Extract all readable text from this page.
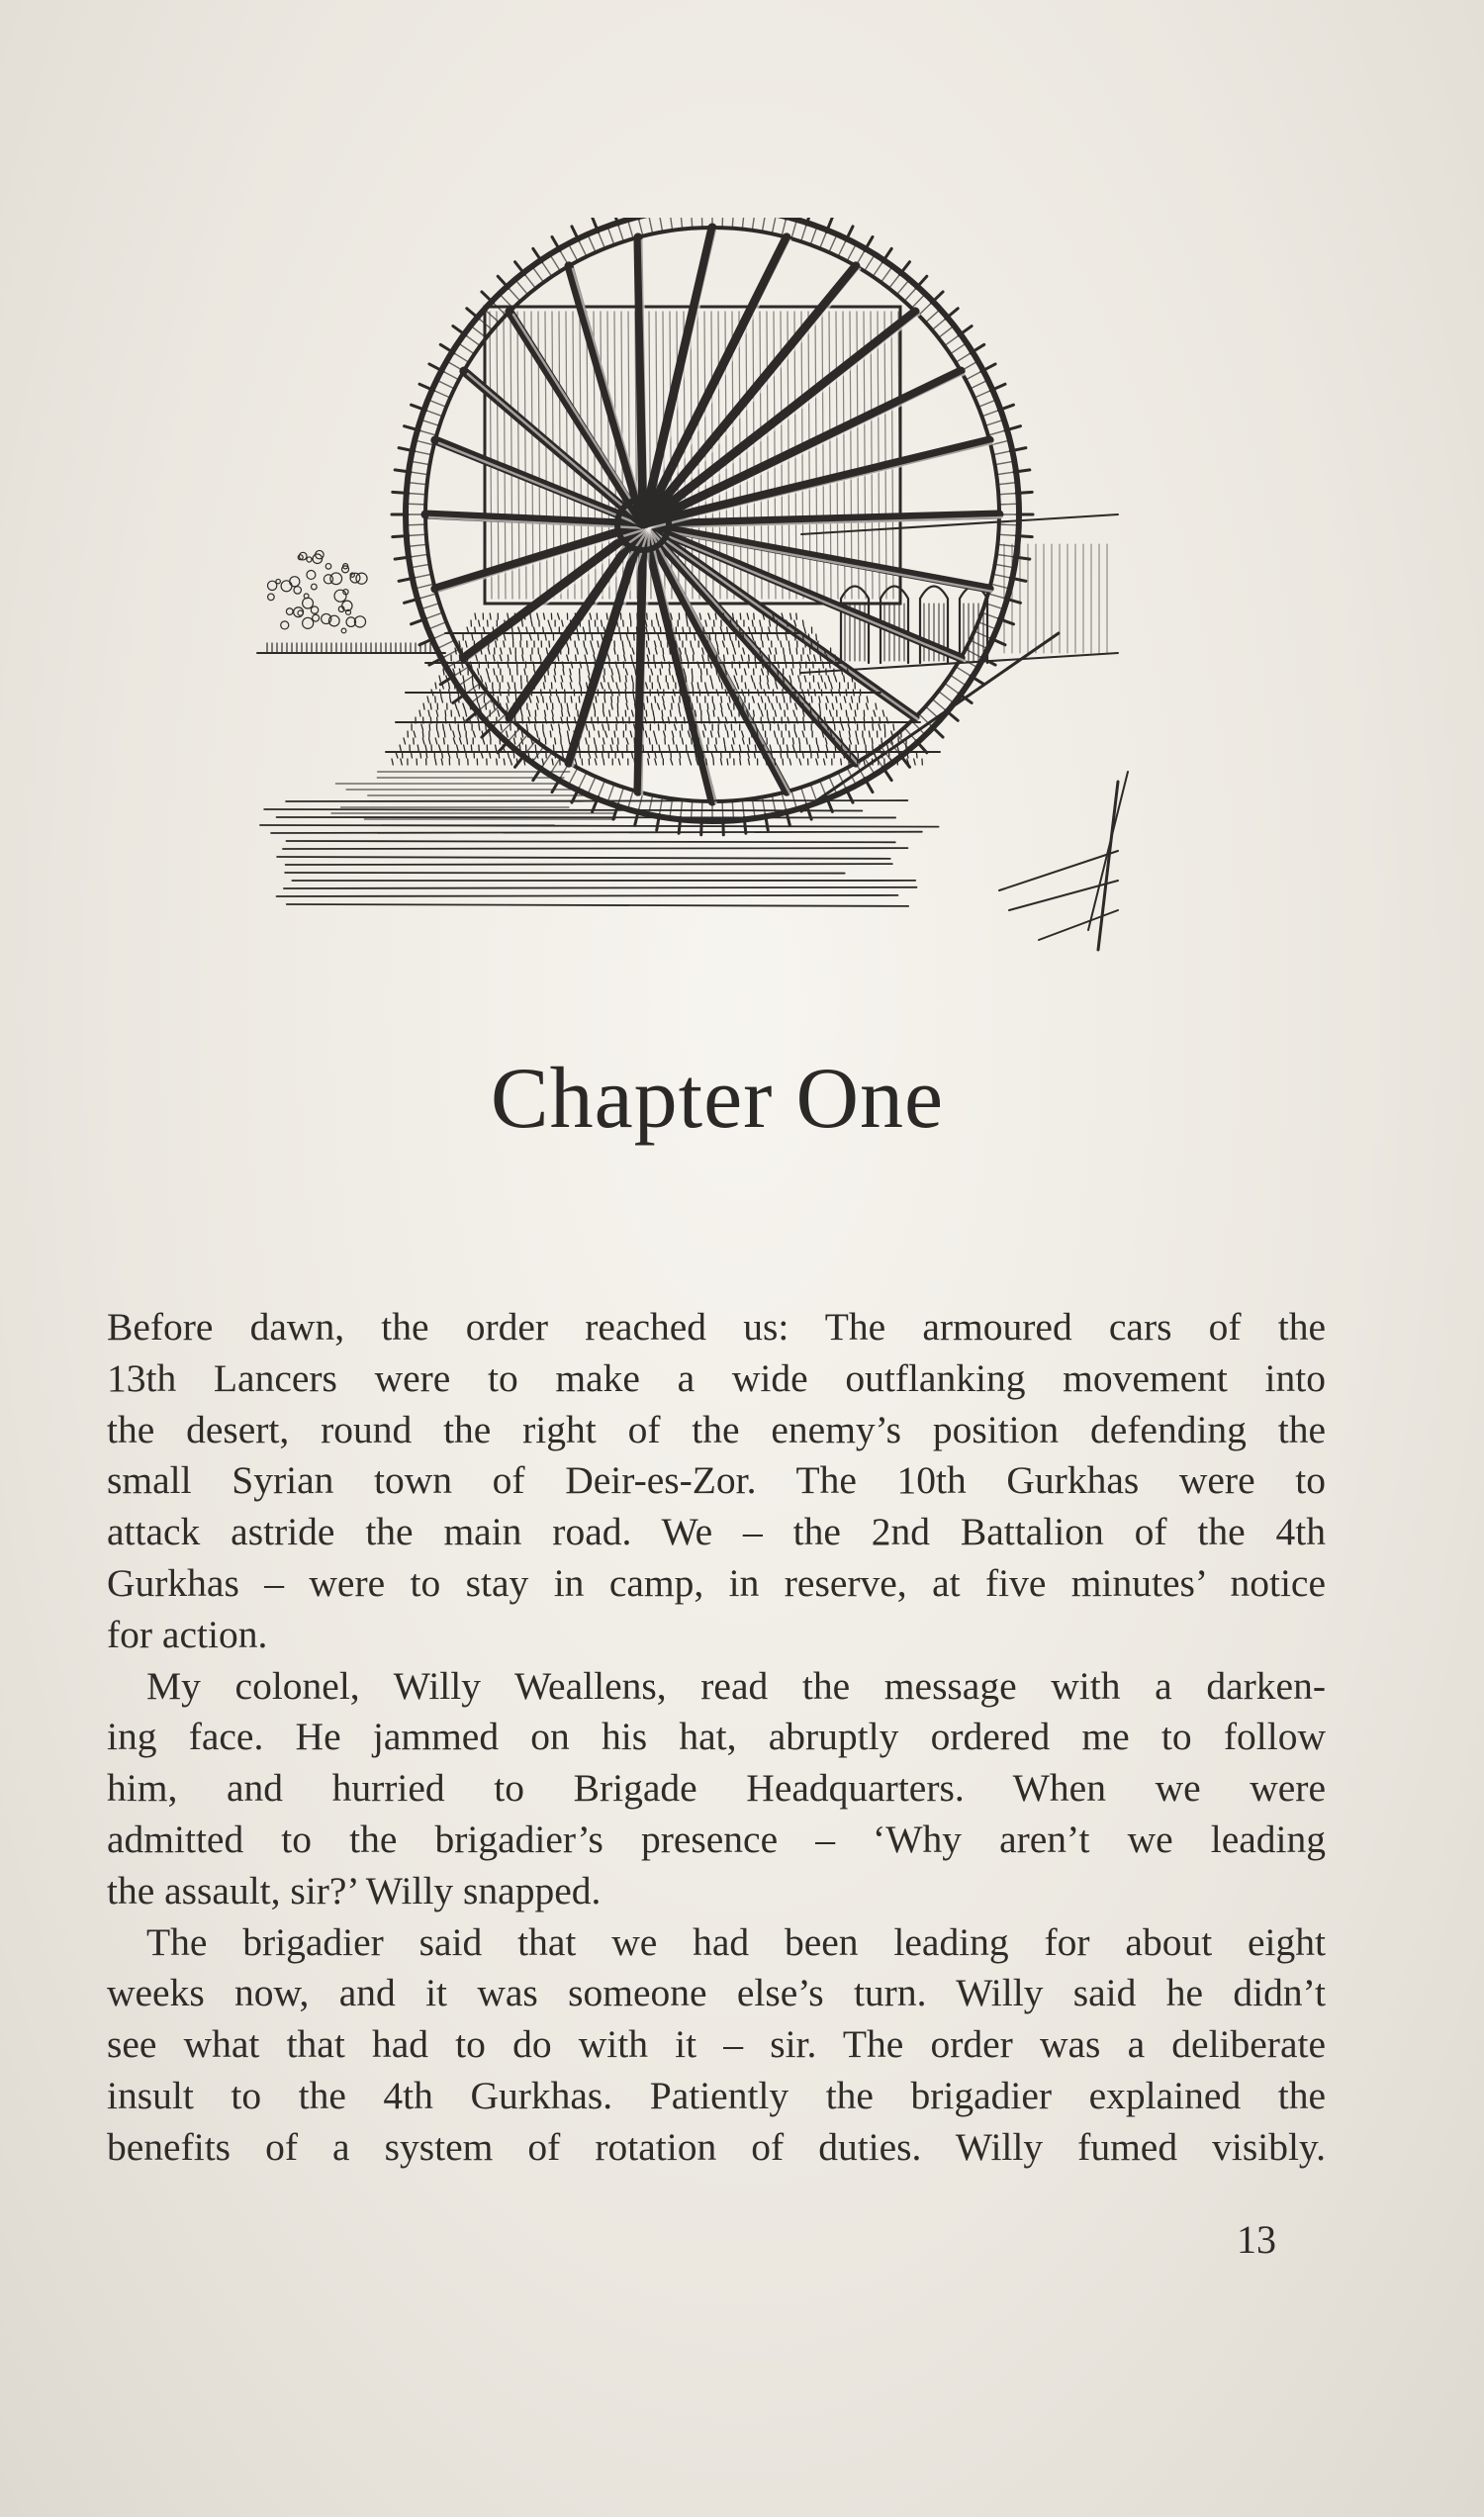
Chapter One
Before dawn, the order reached us: The armoured cars of the
13th Lancers were to make a wide outflanking movement into
the desert, round the right of the enemy’s position defending the
small Syrian town of Deir-es-Zor. The 10th Gurkhas were to
attack astride the main road. We – the 2nd Battalion of the 4th
Gurkhas – were to stay in camp, in reserve, at five minutes’ notice
for action.
My colonel, Willy Weallens, read the message with a darken-
ing face. He jammed on his hat, abruptly ordered me to follow
him, and hurried to Brigade Headquarters. When we were
admitted to the brigadier’s presence – ‘Why aren’t we leading
the assault, sir?’ Willy snapped.
The brigadier said that we had been leading for about eight
weeks now, and it was someone else’s turn. Willy said he didn’t
see what that had to do with it – sir. The order was a deliberate
insult to the 4th Gurkhas. Patiently the brigadier explained the
benefits of a system of rotation of duties. Willy fumed visibly.
13
